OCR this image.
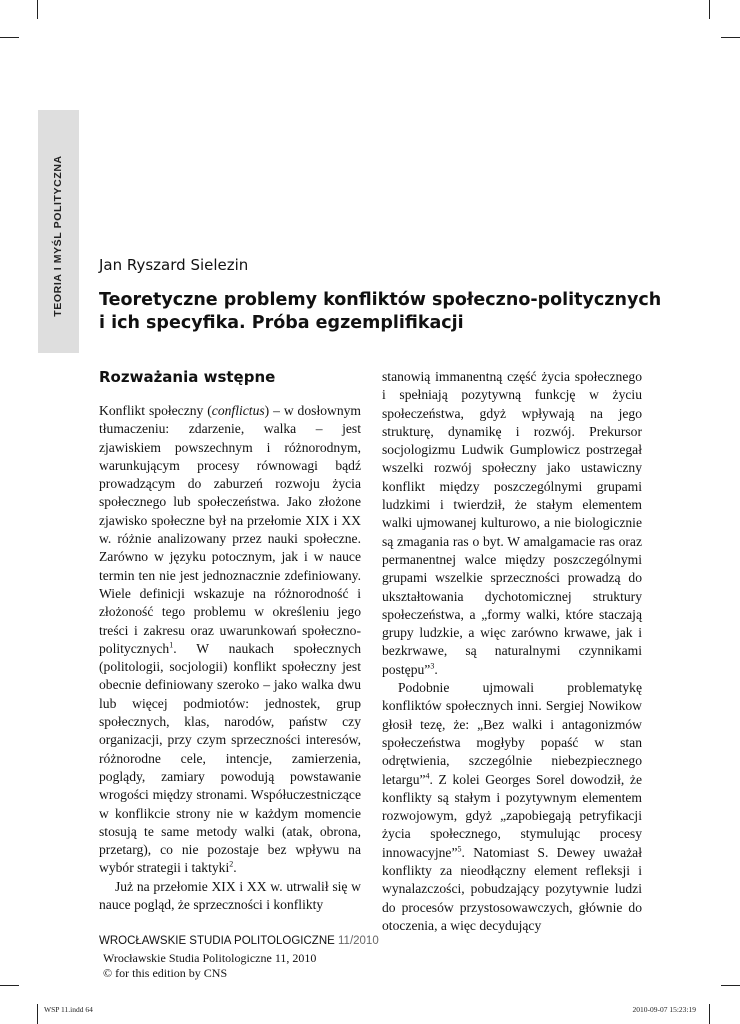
TEORIA I MYŚL POLITYCZNA Jan Ryszard Sielezin
Teoretyczne problemy konfliktów społeczno-politycznych
i ich specyfika. Próba egzemplifikacji
Rozważania wstępne

Konflikt społeczny (conflictus) – w dosłownym tłumaczeniu: zdarzenie, walka – jest zjawiskiem powszechnym i różnorodnym, warunkującym procesy równowagi bądź prowadzącym do zaburzeń rozwoju życia społecznego lub społeczeństwa. Jako złożone zjawisko społeczne był na przełomie XIX i XX w. różnie analizowany przez nauki społeczne. Zarówno w języku potocznym, jak i w nauce termin ten nie jest jednoznacznie zdefiniowany. Wiele definicji wskazuje na różnorodność i złożoność tego problemu w określeniu jego treści i zakresu oraz uwarunkowań społeczno-politycznych$^1$. W naukach społecznych (politologii, socjologii) konflikt społeczny jest obecnie definiowany szeroko – jako walka dwu lub więcej podmiotów: jednostek, grup społecznych, klas, narodów, państw czy organizacji, przy czym sprzeczności interesów, różnorodne cele, intencje, zamierzenia, poglądy, zamiary powodują powstawanie wrogości między stronami. Współuczestniczące w konflikcie strony nie w każdym momencie stosują te same metody walki (atak, obrona, przetarg), co nie pozostaje bez wpływu na wybór strategii i taktyki$^2$.

Już na przełomie XIX i XX w. utrwalił się w nauce pogląd, że sprzeczności i konflikty

stanowią immanentną część życia społecznego i spełniają pozytywną funkcję w życiu społeczeństwa, gdyż wpływają na jego strukturę, dynamikę i rozwój. Prekursor socjologizmu Ludwik Gumplowicz postrzegał wszelki rozwój społeczny jako ustawiczny konflikt między poszczególnymi grupami ludzkimi i twierdził, że stałym elementem walki ujmowanej kulturowo, a nie biologicznie są zmagania ras o byt. W amalgamacie ras oraz permanentnej walce między poszczególnymi grupami wszelkie sprzeczności prowadzą do ukształtowania dychotomicznej struktury społeczeństwa, a „formy walki, które staczają grupy ludzkie, a więc zarówno krwawe, jak i bezkrwawe, są naturalnymi czynnikami postępu”$^3$.

Podobnie ujmowali problematykę konfliktów społecznych inni. Sergiej Nowikow głosił tezę, że: „Bez walki i antagonizmów społeczeństwa mogłyby popaść w stan odrętwienia, szczególnie niebezpiecznego letargu”$^4$. Z kolei Georges Sorel dowodził, że konflikty są stałym i pozytywnym elementem rozwojowym, gdyż „zapobiegają petryfikacji życia społecznego, stymulując procesy innowacyjne”$^5$. Natomiast S. Dewey uważał konflikty za nieodłączny element refleksji i wynalazczości, pobudzający pozytywnie ludzi do procesów przystosowawczych, głównie do otoczenia, a więc decydujący

WROCŁAWSKIE STUDIA POLITOLOGICZNE 11/2010
Wrocławskie Studia Politologiczne 11, 2010
© for this edition by CNS
WSP 11.indd 64	2010-09-07 15:23:19
